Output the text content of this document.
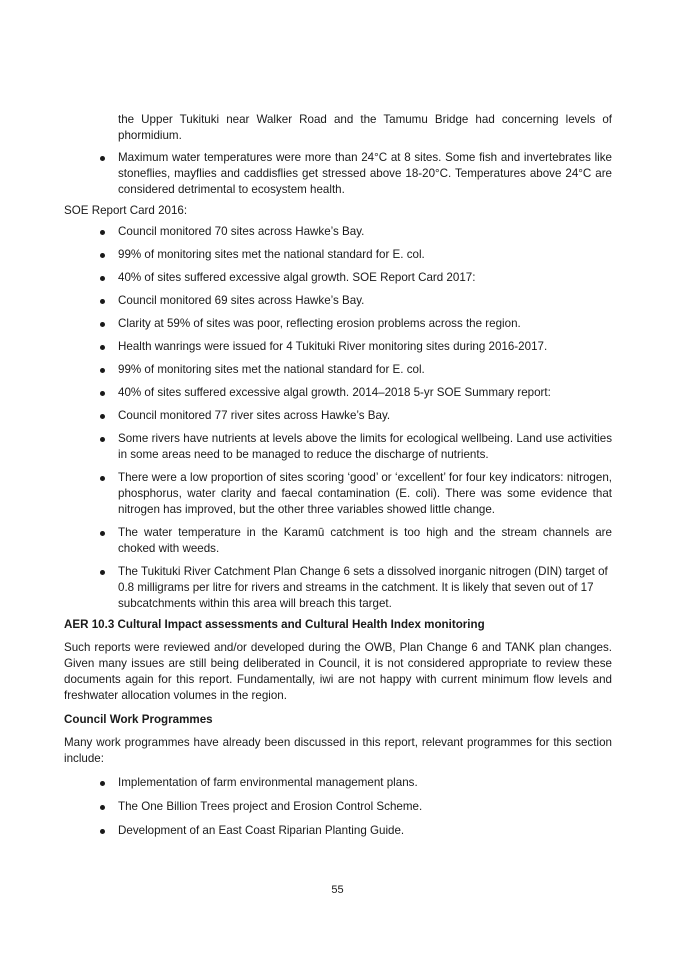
the Upper Tukituki near Walker Road and the Tamumu Bridge had concerning levels of phormidium.

Maximum water temperatures were more than 24°C at 8 sites. Some fish and invertebrates like stoneflies, mayflies and caddisflies get stressed above 18-20°C. Temperatures above 24°C are considered detrimental to ecosystem health.

SOE Report Card 2016:

Council monitored 70 sites across Hawke’s Bay.
99% of monitoring sites met the national standard for E. col.
40% of sites suffered excessive algal growth. SOE Report Card 2017:
Council monitored 69 sites across Hawke’s Bay.
Clarity at 59% of sites was poor, reflecting erosion problems across the region.
Health wanrings were issued for 4 Tukituki River monitoring sites during 2016-2017.
99% of monitoring sites met the national standard for E. col.
40% of sites suffered excessive algal growth. 2014–2018 5-yr SOE Summary report:
Council monitored 77 river sites across Hawke’s Bay.
Some rivers have nutrients at levels above the limits for ecological wellbeing. Land use activities in some areas need to be managed to reduce the discharge of nutrients.
There were a low proportion of sites scoring ‘good’ or ‘excellent’ for four key indicators: nitrogen, phosphorus, water clarity and faecal contamination (E. coli). There was some evidence that nitrogen has improved, but the other three variables showed little change.
The water temperature in the Karamū catchment is too high and the stream channels are choked with weeds.
The Tukituki River Catchment Plan Change 6 sets a dissolved inorganic nitrogen (DIN) target of 0.8 milligrams per litre for rivers and streams in the catchment. It is likely that seven out of 17 subcatchments within this area will breach this target.

AER 10.3 Cultural Impact assessments and Cultural Health Index monitoring

Such reports were reviewed and/or developed during the OWB, Plan Change 6 and TANK plan changes. Given many issues are still being deliberated in Council, it is not considered appropriate to review these documents again for this report. Fundamentally, iwi are not happy with current minimum flow levels and freshwater allocation volumes in the region.

Council Work Programmes

Many work programmes have already been discussed in this report, relevant programmes for this section include:

Implementation of farm environmental management plans.
The One Billion Trees project and Erosion Control Scheme.
Development of an East Coast Riparian Planting Guide.
55
